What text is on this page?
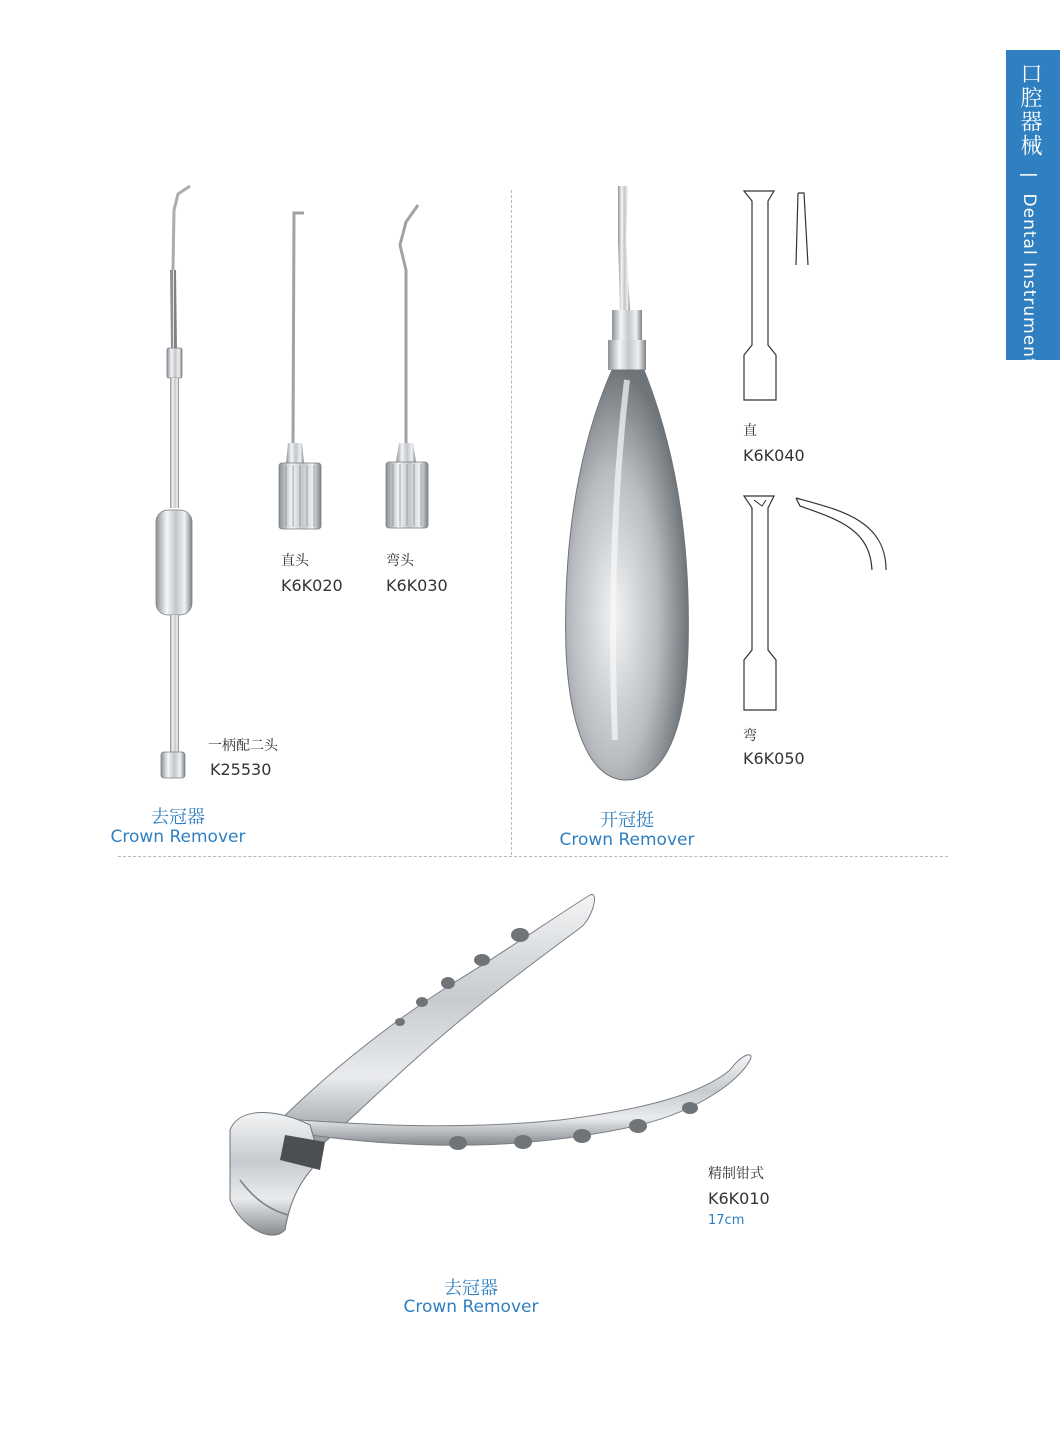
口腔器械 | Dental Instruments
一柄配二头
K25530
直头
K6K020
弯头
K6K030
去冠器
Crown Remover
直
K6K040
弯
K6K050
开冠挺
Crown Remover
精制钳式
K6K010
17cm
去冠器
Crown Remover
